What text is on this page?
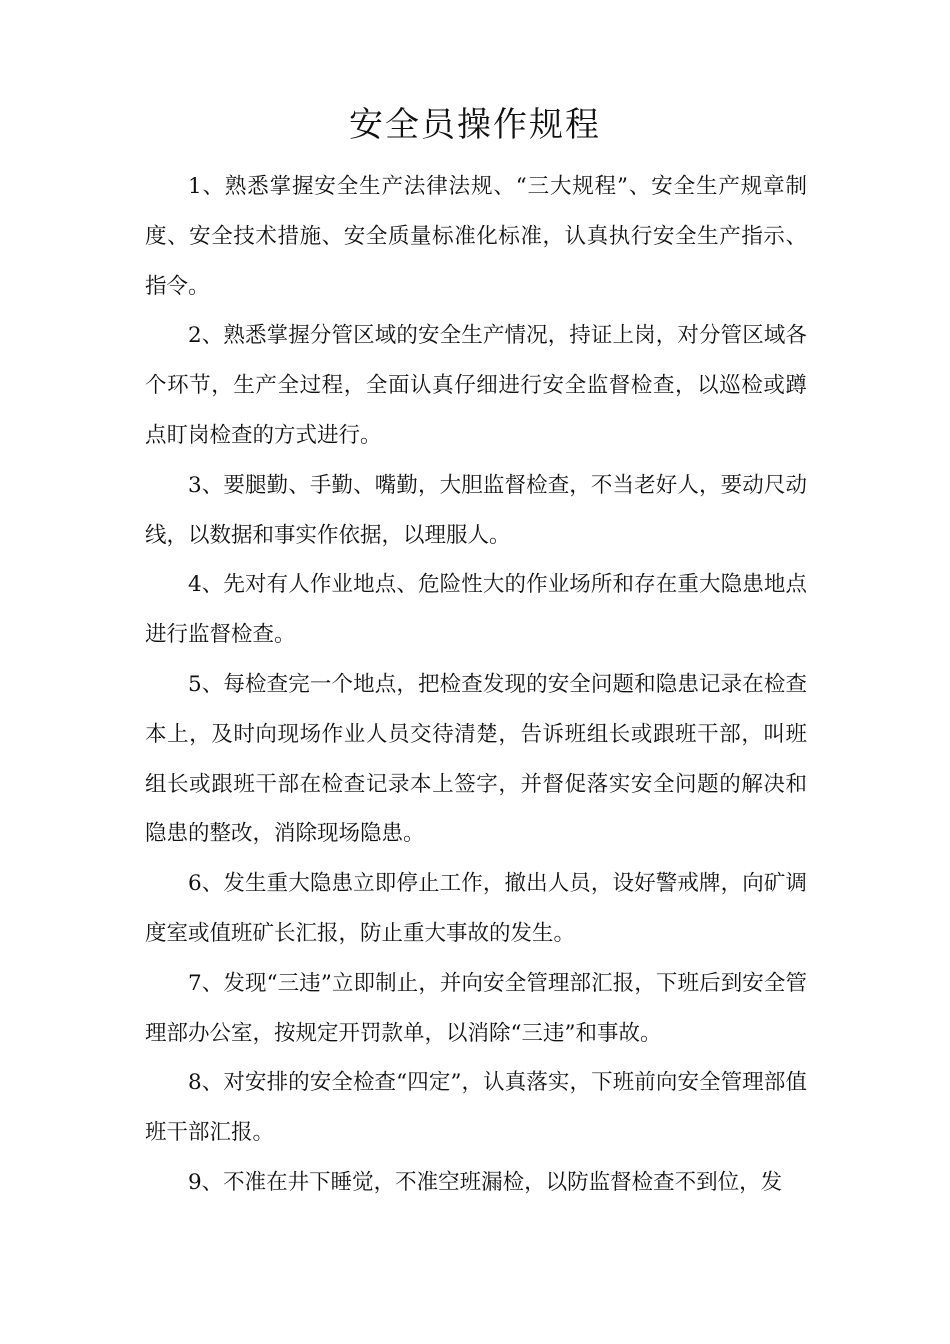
安全员操作规程

1、熟悉掌握安全生产法律法规、“三大规程”、安全生产规章制度、安全技术措施、安全质量标准化标准，认真执行安全生产指示、指令。

2、熟悉掌握分管区域的安全生产情况，持证上岗，对分管区域各个环节，生产全过程，全面认真仔细进行安全监督检查，以巡检或蹲点盯岗检查的方式进行。

3、要腿勤、手勤、嘴勤，大胆监督检查，不当老好人，要动尺动线，以数据和事实作依据，以理服人。

4、先对有人作业地点、危险性大的作业场所和存在重大隐患地点进行监督检查。

5、每检查完一个地点，把检查发现的安全问题和隐患记录在检查本上，及时向现场作业人员交待清楚，告诉班组长或跟班干部，叫班组长或跟班干部在检查记录本上签字，并督促落实安全问题的解决和隐患的整改，消除现场隐患。

6、发生重大隐患立即停止工作，撤出人员，设好警戒牌，向矿调度室或值班矿长汇报，防止重大事故的发生。

7、发现“三违”立即制止，并向安全管理部汇报，下班后到安全管理部办公室，按规定开罚款单，以消除“三违”和事故。

8、对安排的安全检查“四定”，认真落实，下班前向安全管理部值班干部汇报。

9、不准在井下睡觉，不准空班漏检，以防监督检查不到位，发
